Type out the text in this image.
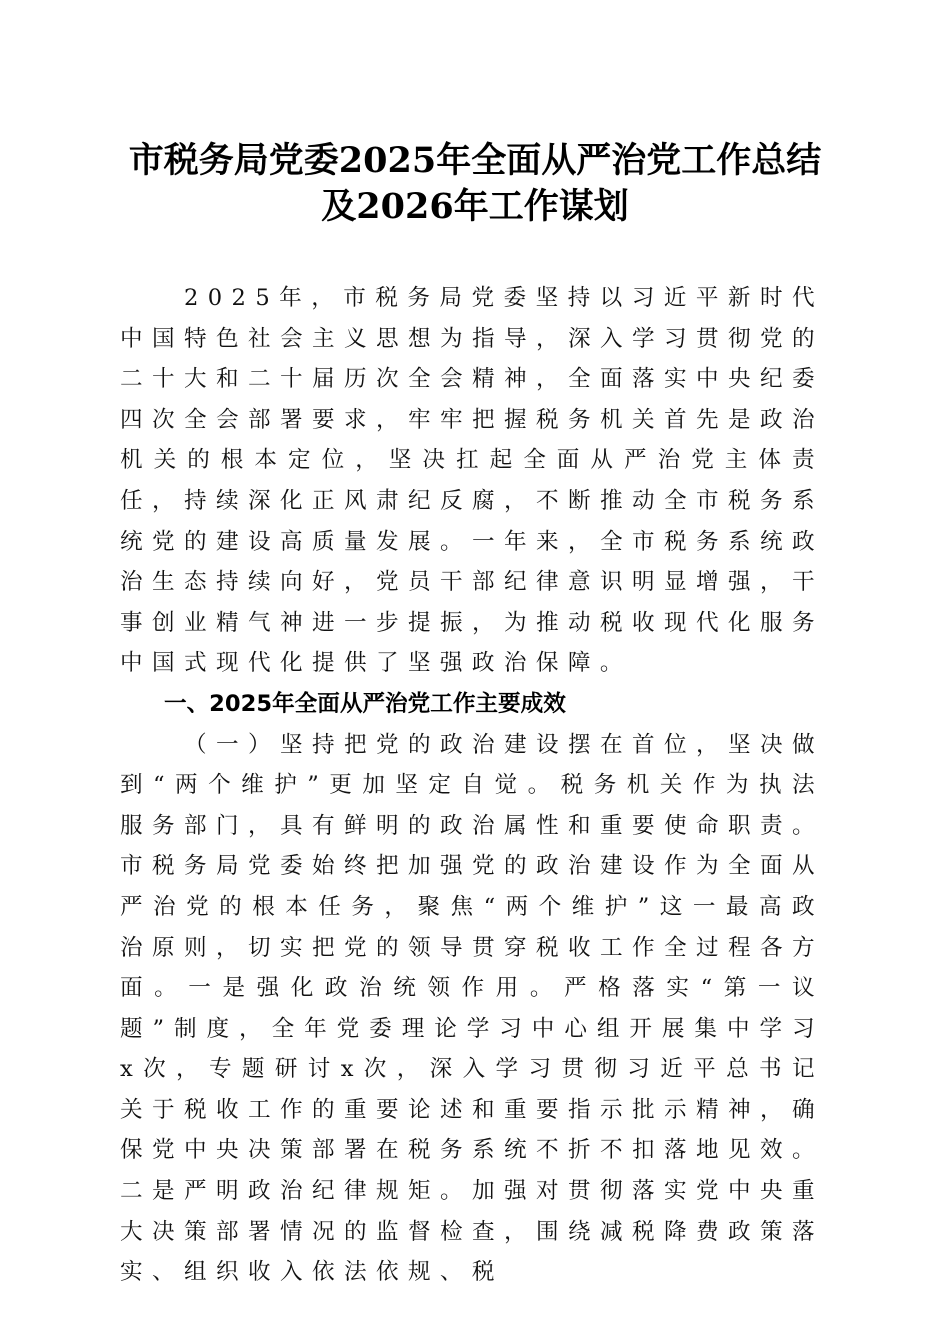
市税务局党委2025年全面从严治党工作总结
及2026年工作谋划

2025年，市税务局党委坚持以习近平新时代中国特色社会主义思想为指导，深入学习贯彻党的二十大和二十届历次全会精神，全面落实中央纪委四次全会部署要求，牢牢把握税务机关首先是政治机关的根本定位，坚决扛起全面从严治党主体责任，持续深化正风肃纪反腐，不断推动全市税务系统党的建设高质量发展。一年来，全市税务系统政治生态持续向好，党员干部纪律意识明显增强，干事创业精气神进一步提振，为推动税收现代化服务中国式现代化提供了坚强政治保障。

一、2025年全面从严治党工作主要成效

（一）坚持把党的政治建设摆在首位，坚决做到“两个维护”更加坚定自觉。税务机关作为执法服务部门，具有鲜明的政治属性和重要使命职责。市税务局党委始终把加强党的政治建设作为全面从严治党的根本任务，聚焦“两个维护”这一最高政治原则，切实把党的领导贯穿税收工作全过程各方面。一是强化政治统领作用。严格落实“第一议题”制度，全年党委理论学习中心组开展集中学习x次，专题研讨x次，深入学习贯彻习近平总书记关于税收工作的重要论述和重要指示批示精神，确保党中央决策部署在税务系统不折不扣落地见效。二是严明政治纪律规矩。加强对贯彻落实党中央重大决策部署情况的监督检查，围绕减税降费政策落实、组织收入依法依规、税
